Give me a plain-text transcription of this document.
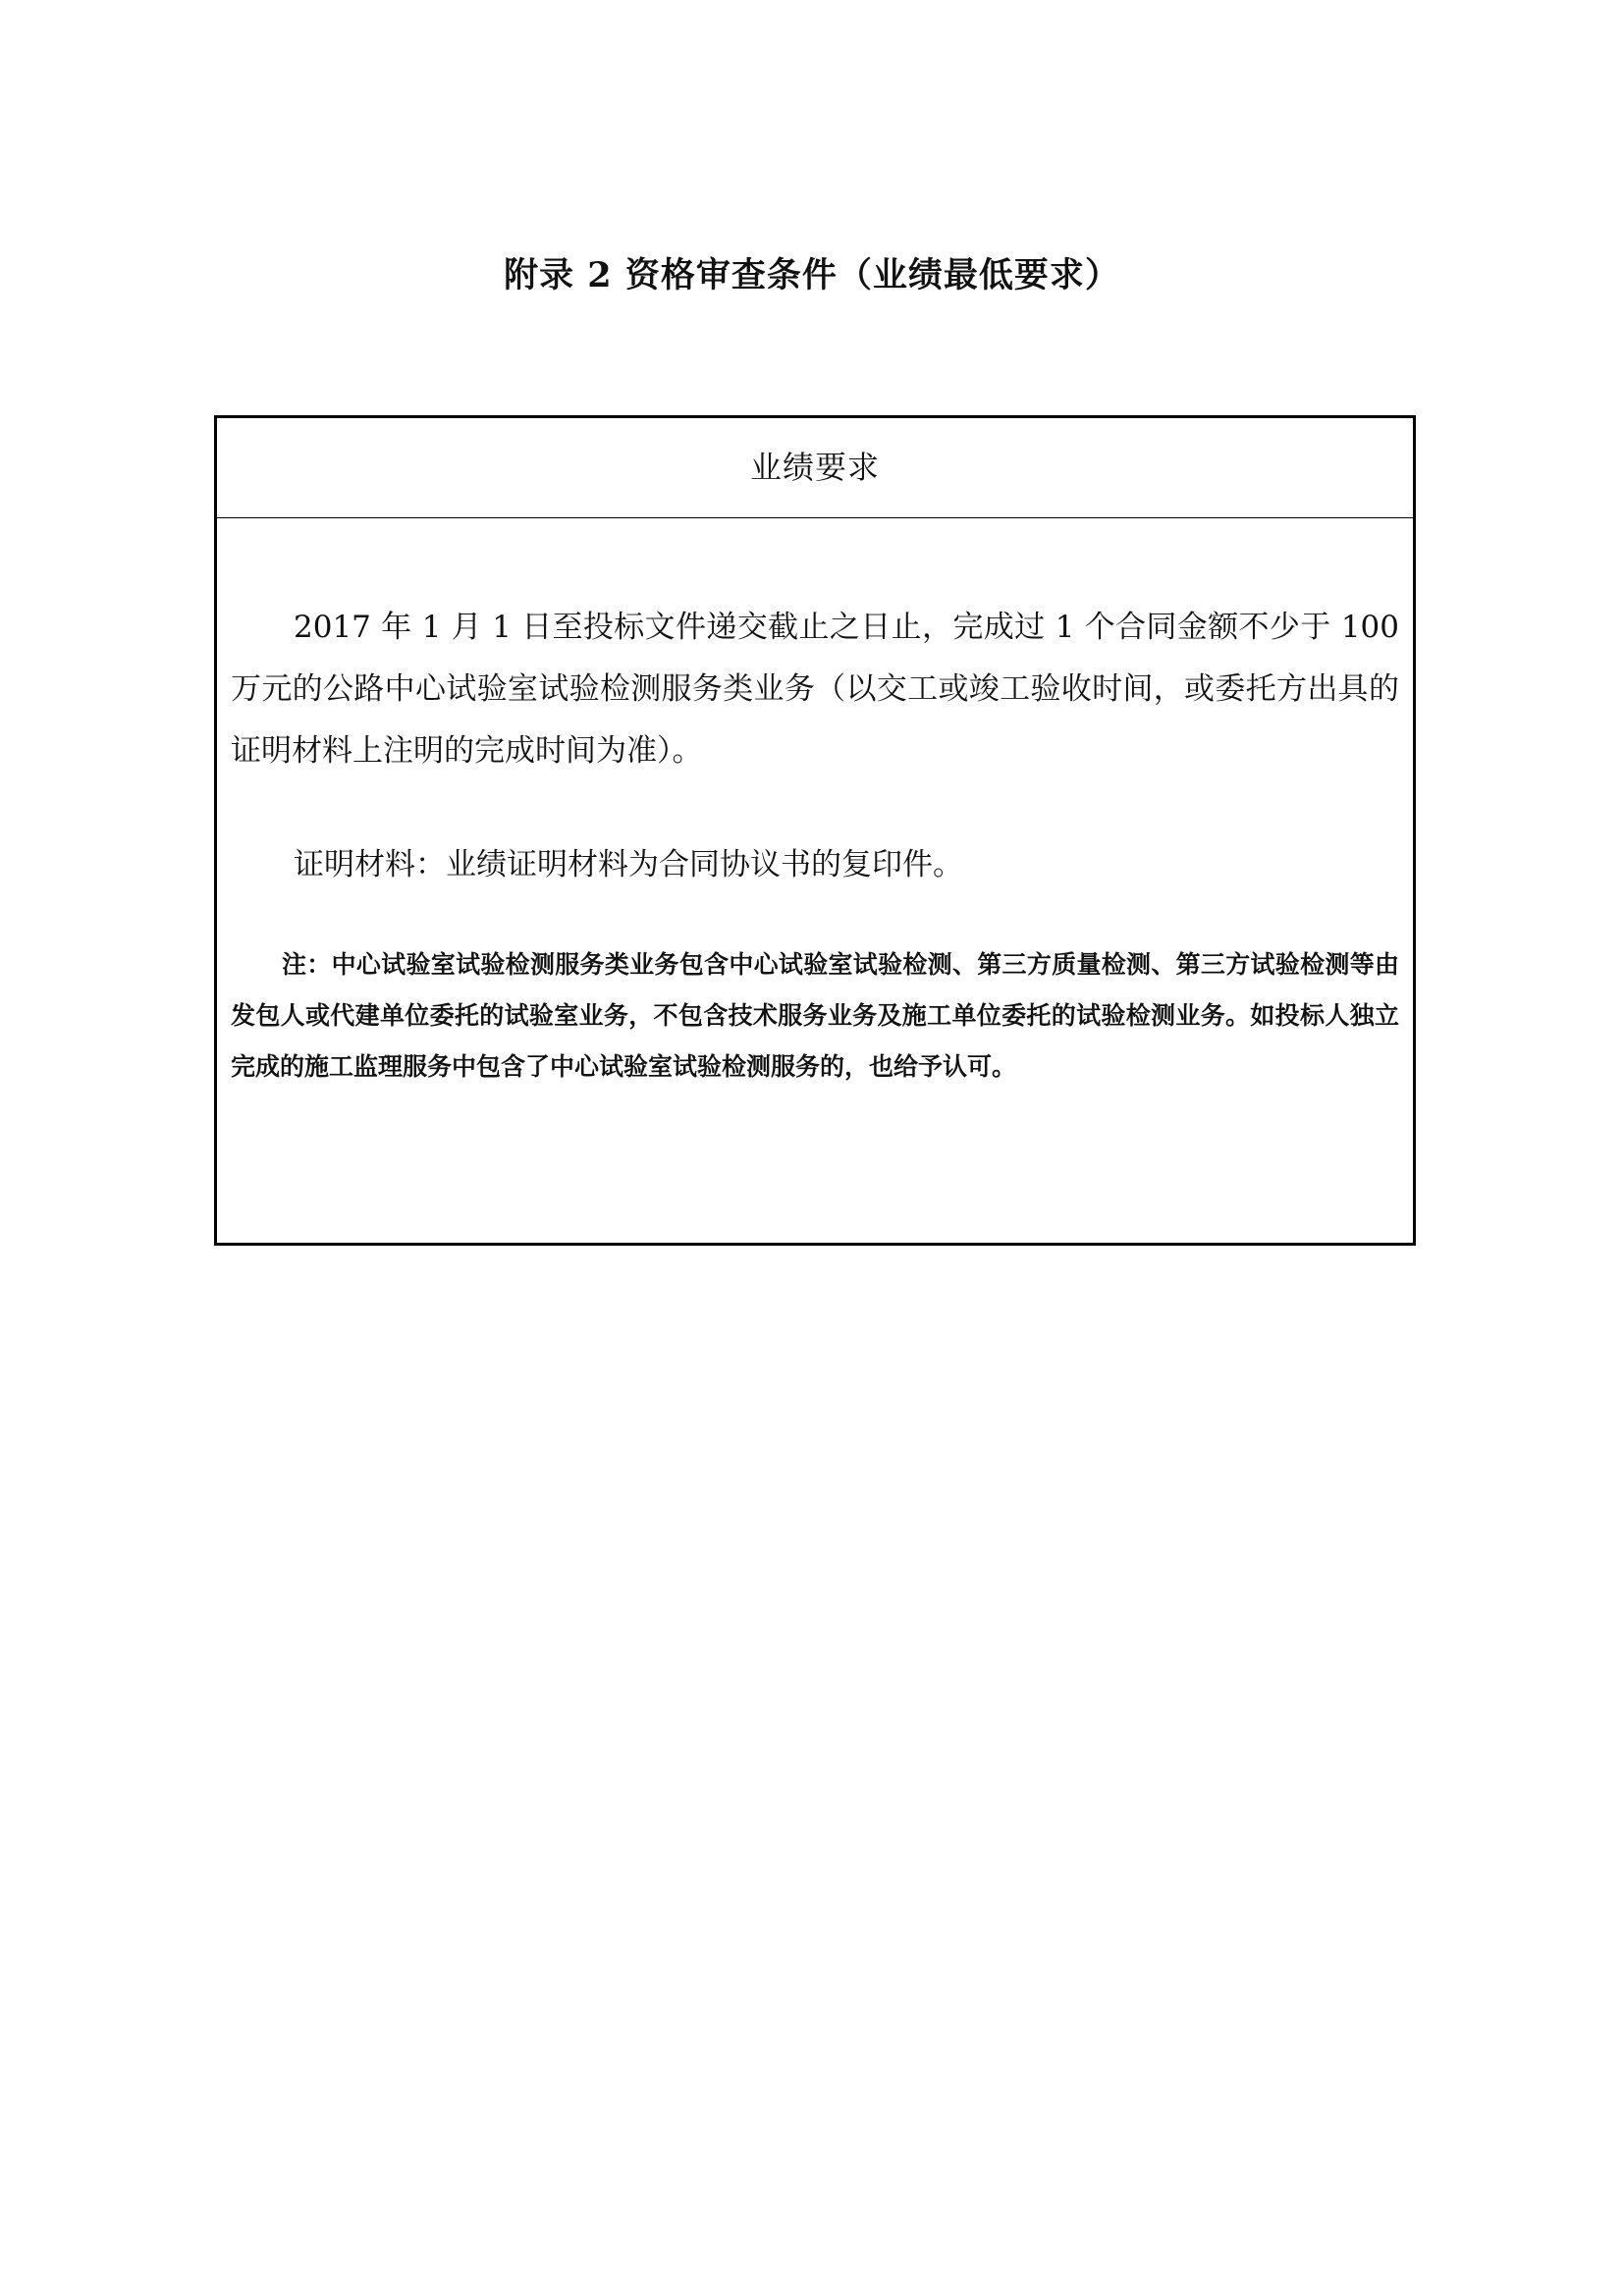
附录 2 资格审查条件（业绩最低要求）
业绩要求

2017 年 1 月 1 日至投标文件递交截止之日止，完成过 1 个合同金额不少于 100 万元的公路中心试验室试验检测服务类业务（以交工或竣工验收时间，或委托方出具的证明材料上注明的完成时间为准）。

证明材料：业绩证明材料为合同协议书的复印件。

注：中心试验室试验检测服务类业务包含中心试验室试验检测、第三方质量检测、第三方试验检测等由发包人或代建单位委托的试验室业务，不包含技术服务业务及施工单位委托的试验检测业务。如投标人独立完成的施工监理服务中包含了中心试验室试验检测服务的，也给予认可。
